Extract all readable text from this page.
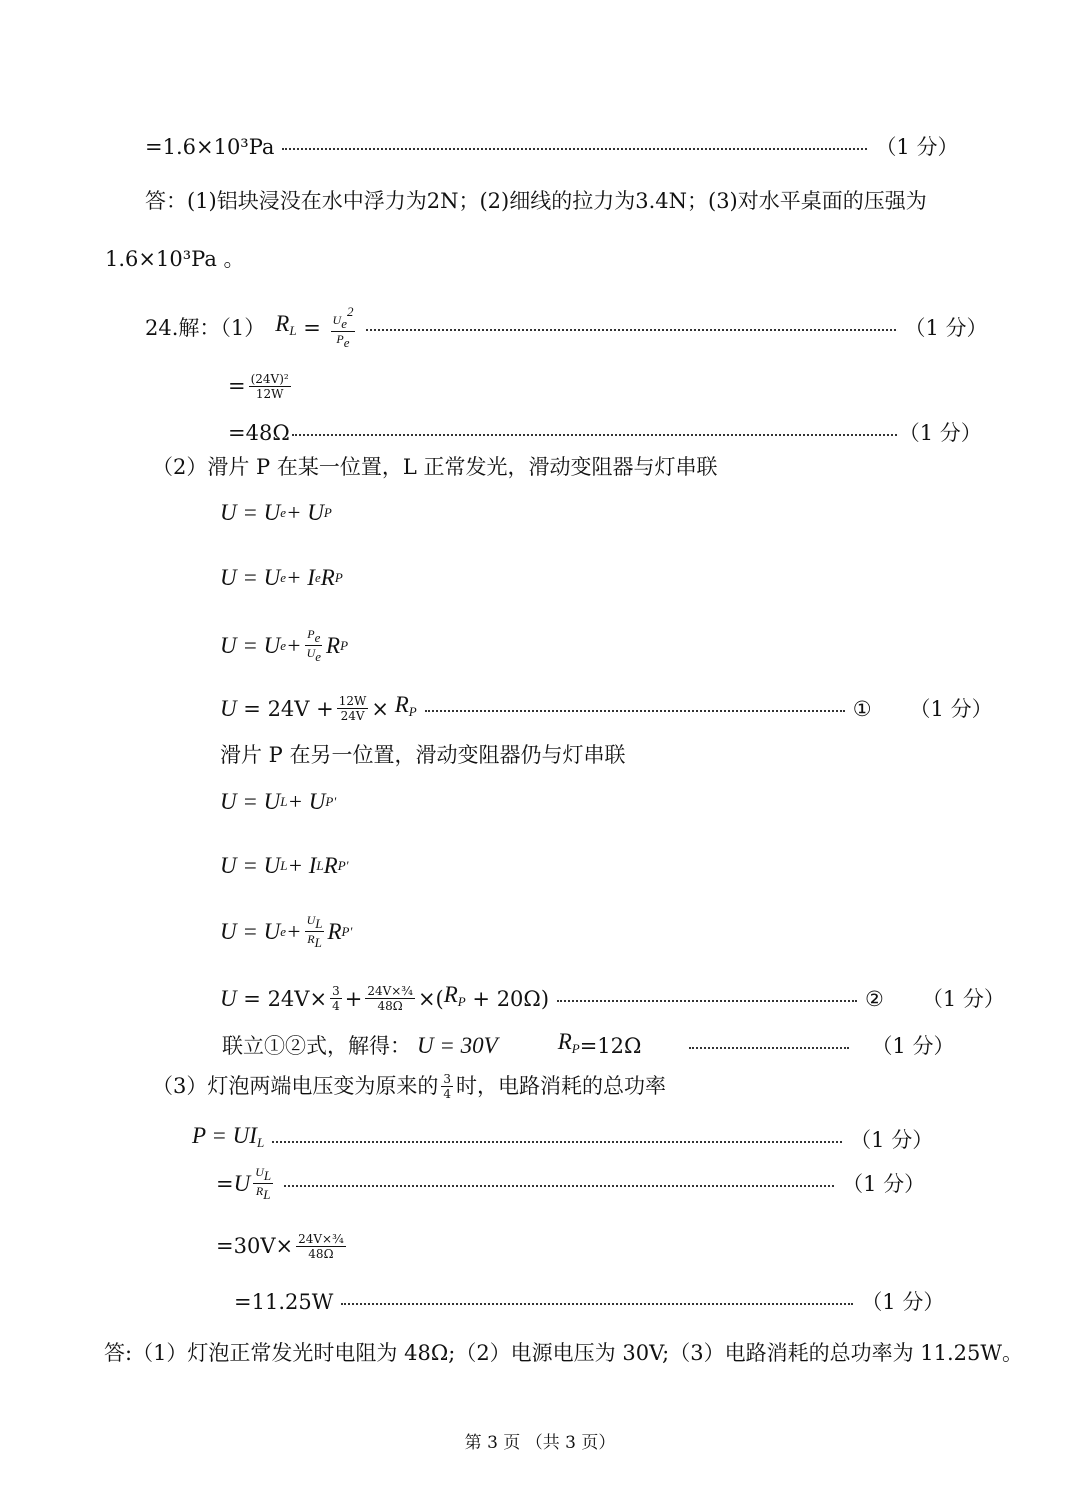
=1.6×10³Pa	（1 分）
答：(1)铝块浸没在水中浮力为2N；(2)细线的拉力为3.4N；(3)对水平桌面的压强为
1.6×10³Pa 。
24.解：（1） $R_L = \frac{U_e^2}{P_e}$	（1 分）
= $\frac{\text{(24V)²}}{12W}$
=48Ω	（1 分）
（2）滑片 P 在某一位置，L 正常发光，滑动变阻器与灯串联
U = U e + U P
U = U e + I e R P
U = U $e + \frac{P_e}{U_e}$ R P
$U = 24V + \frac{12W}{24V} \times R_P$	① （1 分）
滑片 P 在另一位置，滑动变阻器仍与灯串联
U = U L + U P '
U = U L + I L R P '
U = U $e + \frac{U_L}{R_L}$ R P '
$U = 24V\times \frac{3}{4} + \frac{\text{24V×¾}}{48\Omega}$ ×( $R_P + 20\Omega$)	② （1 分）
联立①②式，解得： U = 30V	$R_P =12\Omega$	（1 分）
（3）灯泡两端电压变为原来的 $\frac{3}{4}$ 时，电路消耗的总功率
$P = UI_L$	（1 分）
= U $\frac{U_L}{R_L}$	（1 分）
$=30V\times \frac{\text{24V×¾}}{48\Omega}$
=11.25W	（1 分）
答:（1）灯泡正常发光时电阻为 48Ω;（2）电源电压为 30V;（3）电路消耗的总功率为 11.25W。
第 3 页 （共 3 页）
